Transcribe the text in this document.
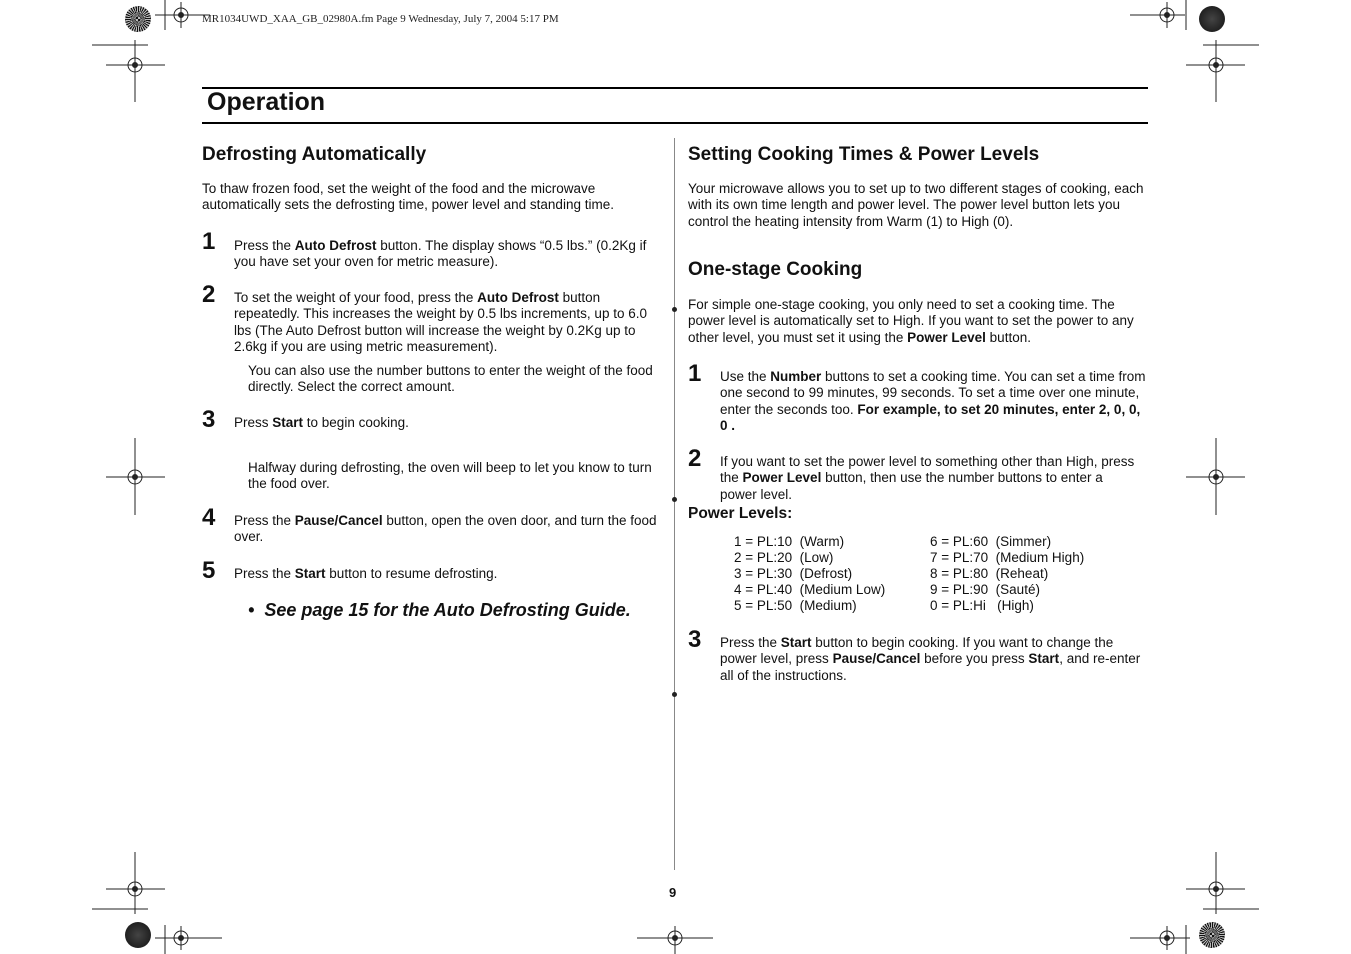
MR1034UWD_XAA_GB_02980A.fm Page 9 Wednesday, July 7, 2004 5:17 PM
Operation
Defrosting Automatically
To thaw frozen food, set the weight of the food and the microwave automatically sets the defrosting time, power level and standing time.
1 Press the Auto Defrost button. The display shows “0.5 lbs.” (0.2Kg if you have set your oven for metric measure).
2 To set the weight of your food, press the Auto Defrost button repeatedly. This increases the weight by 0.5 lbs increments, up to 6.0 lbs (The Auto Defrost button will increase the weight by 0.2Kg up to 2.6kg if you are using metric measurement).
You can also use the number buttons to enter the weight of the food directly. Select the correct amount.
3 Press Start to begin cooking.
Halfway during defrosting, the oven will beep to let you know to turn the food over.
4 Press the Pause/Cancel button, open the oven door, and turn the food over.
5 Press the Start button to resume defrosting.
• See page 15 for the Auto Defrosting Guide.
Setting Cooking Times & Power Levels
Your microwave allows you to set up to two different stages of cooking, each with its own time length and power level. The power level button lets you control the heating intensity from Warm (1) to High (0).
One-stage Cooking
For simple one-stage cooking, you only need to set a cooking time. The power level is automatically set to High. If you want to set the power to any other level, you must set it using the Power Level button.
1 Use the Number buttons to set a cooking time. You can set a time from one second to 99 minutes, 99 seconds. To set a time over one minute, enter the seconds too. For example, to set 20 minutes, enter 2, 0, 0, 0 .
2 If you want to set the power level to something other than High, press the Power Level button, then use the number buttons to enter a power level.
Power Levels:
1 = PL:10  (Warm)
2 = PL:20  (Low)
3 = PL:30  (Defrost)
4 = PL:40  (Medium Low)
5 = PL:50  (Medium)
6 = PL:60  (Simmer)
7 = PL:70  (Medium High)
8 = PL:80  (Reheat)
9 = PL:90  (Sauté)
0 = PL:Hi   (High)
3 Press the Start button to begin cooking. If you want to change the power level, press Pause/Cancel before you press Start, and re-enter all of the instructions.
9
